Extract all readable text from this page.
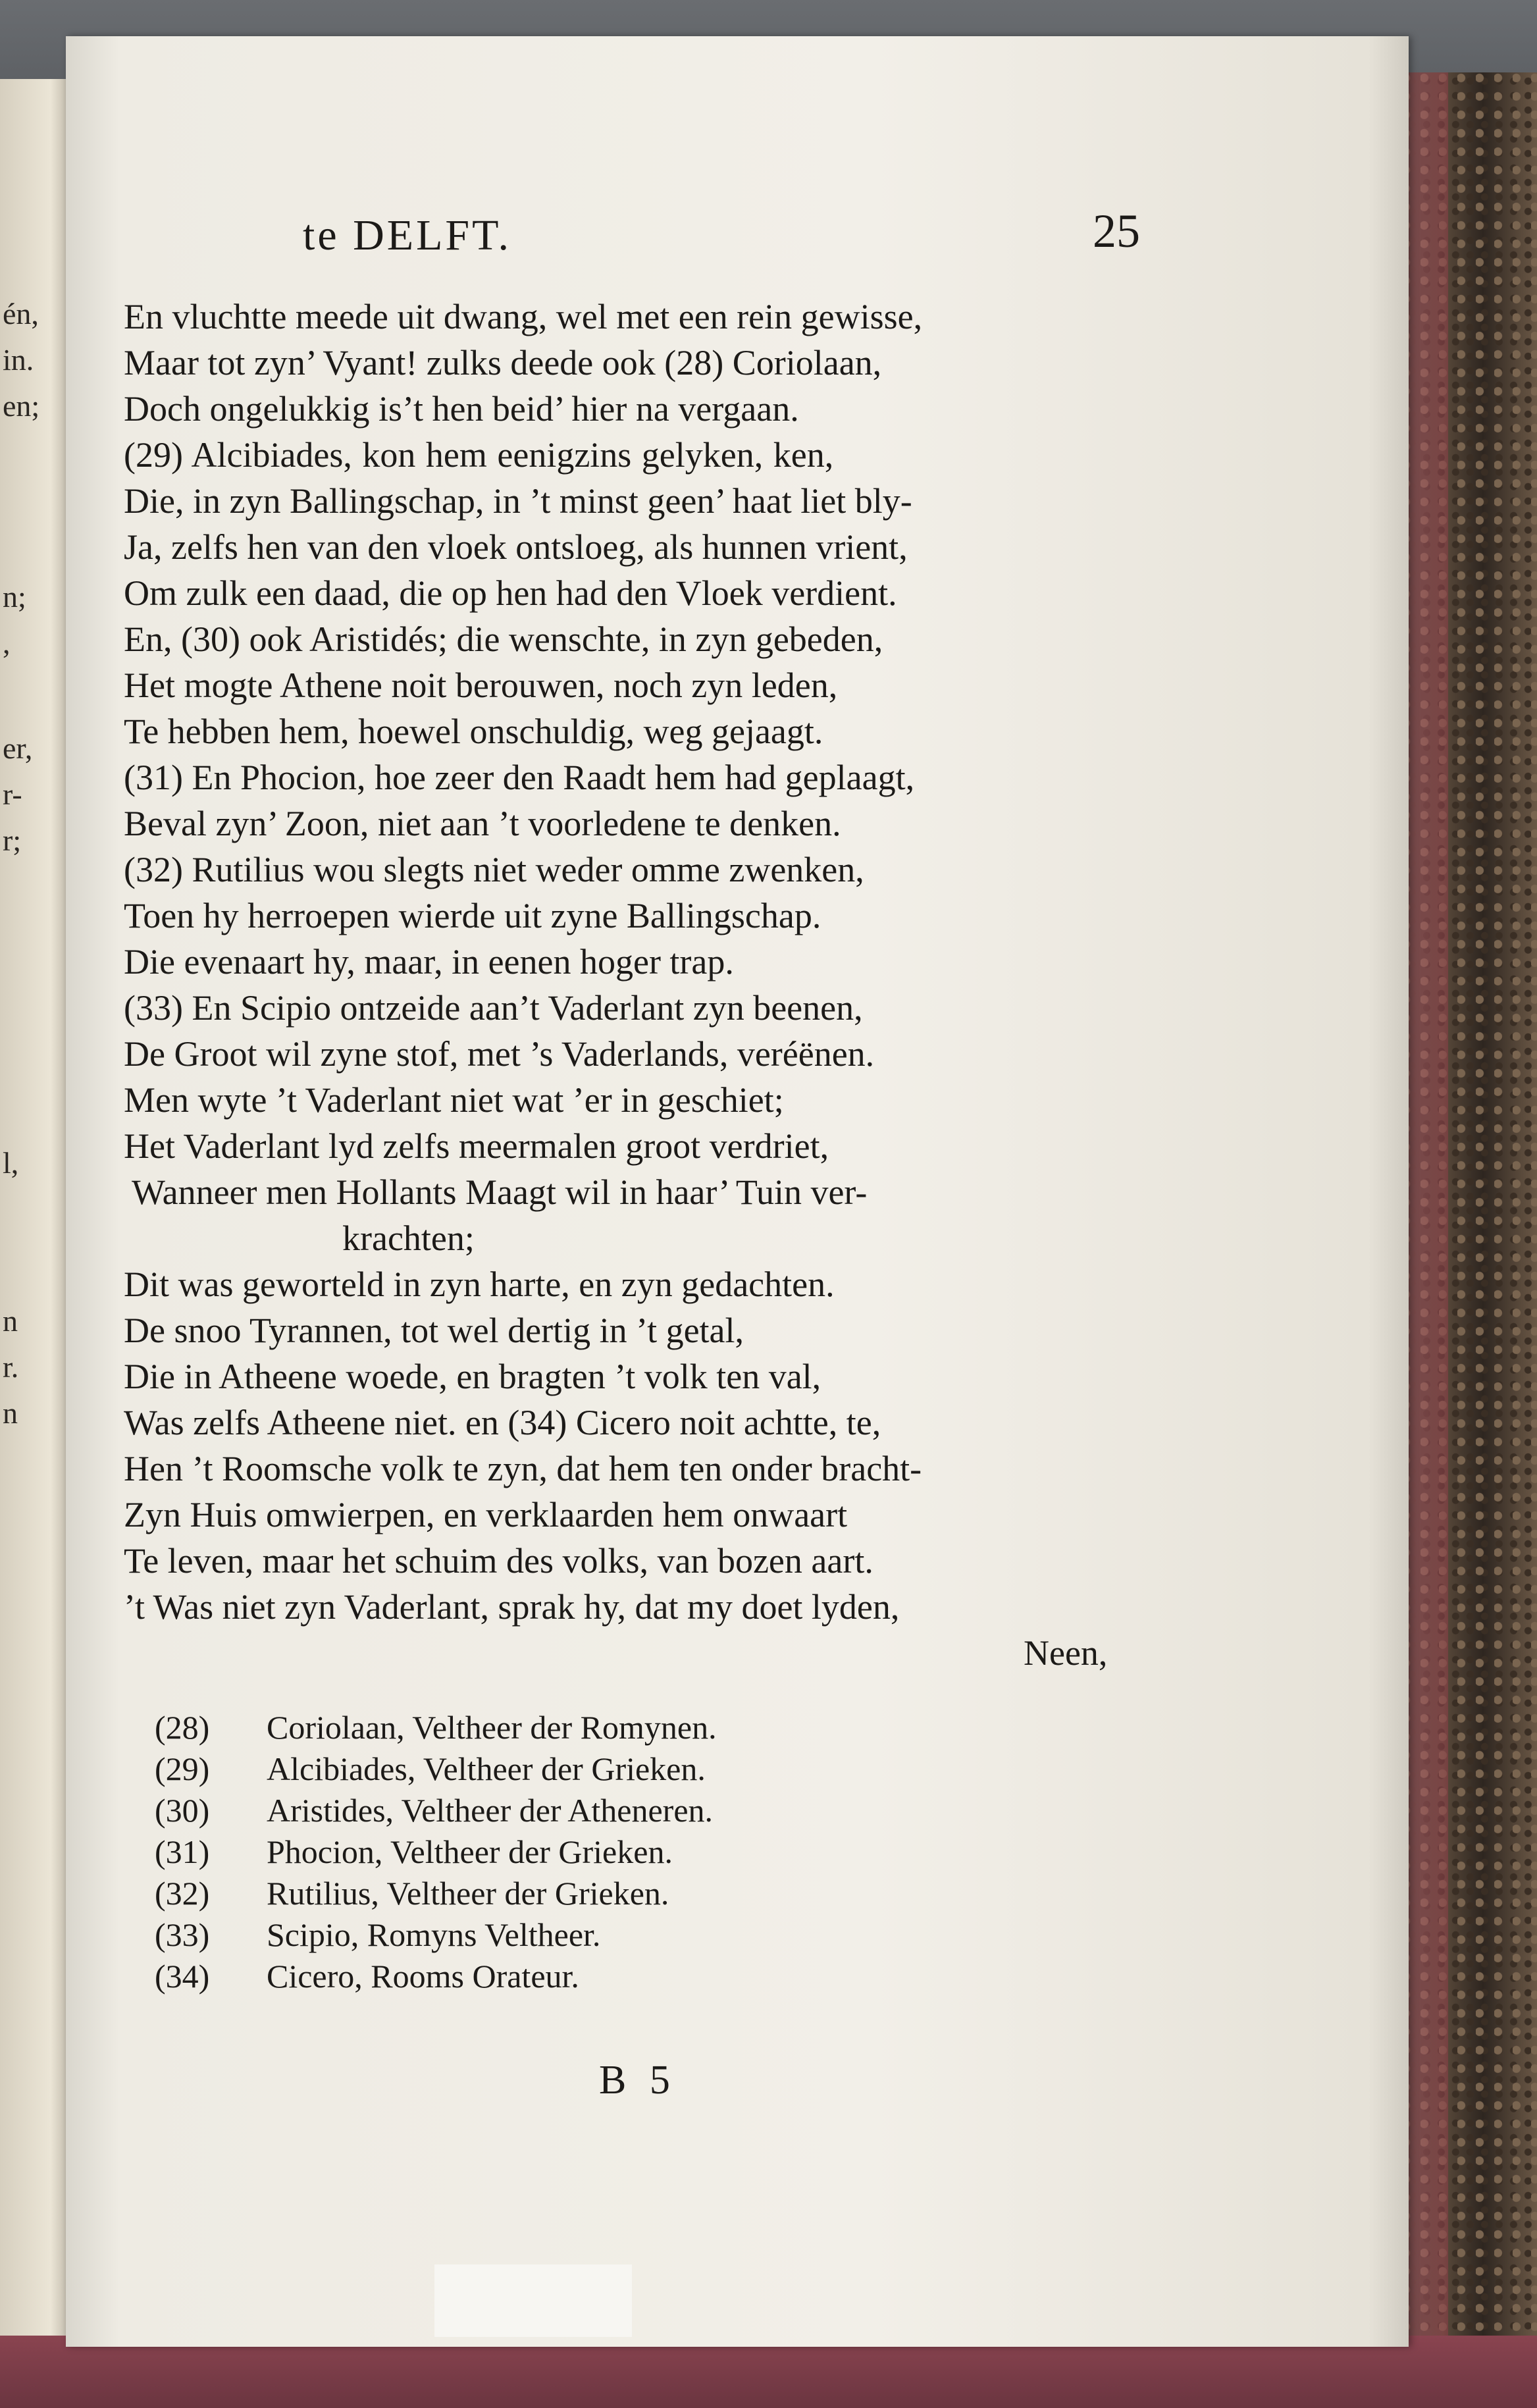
én,
in.
en;
n;
,
er,
r-
r;
l,
n
r.
n
te DELFT.	25
En vluchtte meede uit dwang, wel met een rein gewisse,
Maar tot zyn’ Vyant! zulks deede ook (28) Coriolaan,
Doch ongelukkig is’t hen beid’ hier na vergaan.
(29) Alcibiades, kon hem eenigzins gelyken, ken,
Die, in zyn Ballingschap, in ’t minst geen’ haat liet bly-
Ja, zelfs hen van den vloek ontsloeg, als hunnen vrient,
Om zulk een daad, die op hen had den Vloek verdient.
En, (30) ook Aristidés; die wenschte, in zyn gebeden,
Het mogte Athene noit berouwen, noch zyn leden,
Te hebben hem, hoewel onschuldig, weg gejaagt.
(31) En Phocion, hoe zeer den Raadt hem had geplaagt,
Beval zyn’ Zoon, niet aan ’t voorledene te denken.
(32) Rutilius wou slegts niet weder omme zwenken,
Toen hy herroepen wierde uit zyne Ballingschap.
Die evenaart hy, maar, in eenen hoger trap.
(33) En Scipio ontzeide aan’t Vaderlant zyn beenen,
De Groot wil zyne stof, met ’s Vaderlands, veréënen.
Men wyte ’t Vaderlant niet wat ’er in geschiet;
Het Vaderlant lyd zelfs meermalen groot verdriet,
Wanneer men Hollants Maagt wil in haar’ Tuin ver-
krachten;
Dit was geworteld in zyn harte, en zyn gedachten.
De snoo Tyrannen, tot wel dertig in ’t getal,
Die in Atheene woede, en bragten ’t volk ten val,
Was zelfs Atheene niet. en (34) Cicero noit achtte, te,
Hen ’t Roomsche volk te zyn, dat hem ten onder bracht-
Zyn Huis omwierpen, en verklaarden hem onwaart
Te leven, maar het schuim des volks, van bozen aart.
’t Was niet zyn Vaderlant, sprak hy, dat my doet lyden,
Neen,
(28) Coriolaan, Veltheer der Romynen.
(29) Alcibiades, Veltheer der Grieken.
(30) Aristides, Veltheer der Atheneren.
(31) Phocion, Veltheer der Grieken.
(32) Rutilius, Veltheer der Grieken.
(33) Scipio, Romyns Veltheer.
(34) Cicero, Rooms Orateur.
B 5
